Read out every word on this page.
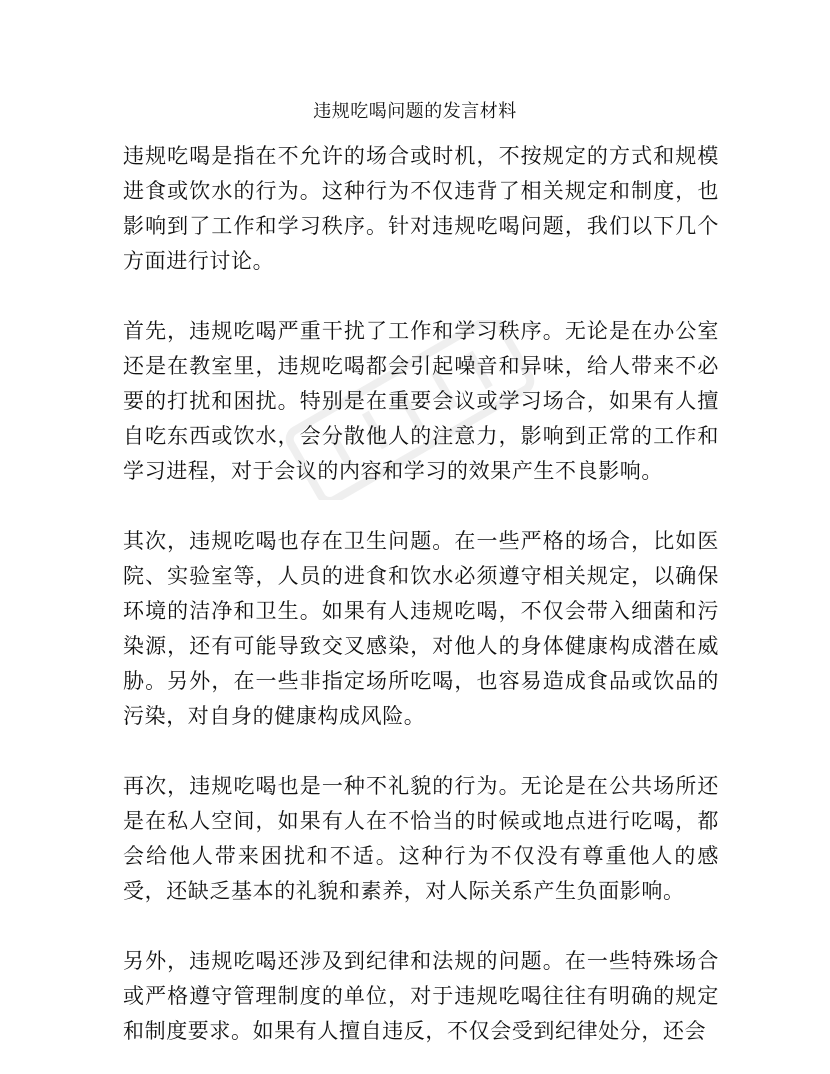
违规吃喝问题的发言材料

违规吃喝是指在不允许的场合或时机，不按规定的方式和规模进食或饮水的行为。这种行为不仅违背了相关规定和制度，也影响到了工作和学习秩序。针对违规吃喝问题，我们以下几个方面进行讨论。

首先，违规吃喝严重干扰了工作和学习秩序。无论是在办公室还是在教室里，违规吃喝都会引起噪音和异味，给人带来不必要的打扰和困扰。特别是在重要会议或学习场合，如果有人擅自吃东西或饮水，会分散他人的注意力，影响到正常的工作和学习进程，对于会议的内容和学习的效果产生不良影响。

其次，违规吃喝也存在卫生问题。在一些严格的场合，比如医院、实验室等，人员的进食和饮水必须遵守相关规定，以确保环境的洁净和卫生。如果有人违规吃喝，不仅会带入细菌和污染源，还有可能导致交叉感染，对他人的身体健康构成潜在威胁。另外，在一些非指定场所吃喝，也容易造成食品或饮品的污染，对自身的健康构成风险。

再次，违规吃喝也是一种不礼貌的行为。无论是在公共场所还是在私人空间，如果有人在不恰当的时候或地点进行吃喝，都会给他人带来困扰和不适。这种行为不仅没有尊重他人的感受，还缺乏基本的礼貌和素养，对人际关系产生负面影响。

另外，违规吃喝还涉及到纪律和法规的问题。在一些特殊场合或严格遵守管理制度的单位，对于违规吃喝往往有明确的规定和制度要求。如果有人擅自违反，不仅会受到纪律处分，还会
